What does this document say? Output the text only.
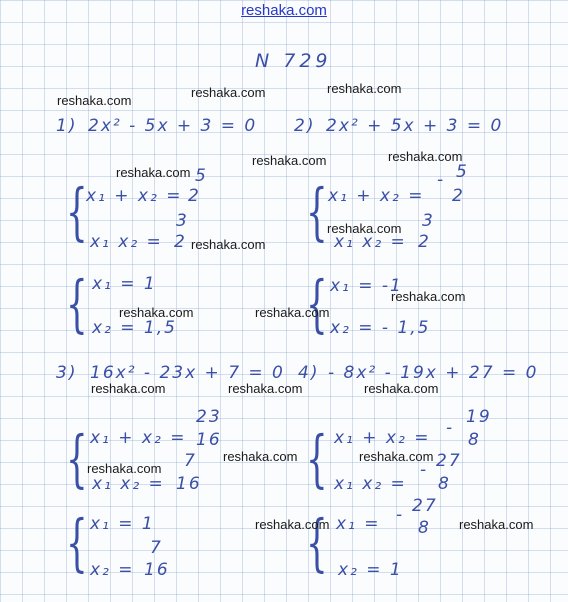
reshaka.com
N 729
1) 2x² - 5x + 3 = 0
{
x₁ + x₂ =
5
2
x₁ x₂ =
3
2
{ x₁ = 1
x₂ = 1,5
2) 2x² + 5x + 3 = 0
{ x₁ + x₂ =
- 5
2
x₁ x₂ =
3
2
{ x₁ = -1
x₂ = - 1,5
3) 16x² - 23x + 7 = 0
{ x₁ + x₂ =
23
16
x₁ x₂ =
7
16
{ x₁ = 1
x₂ =
7
16
4) - 8x² - 19x + 27 = 0
{ x₁ + x₂ = -
19
8
x₁ x₂ =
- 27
8
{ x₁ = - 27
8
x₂ = 1
reshaka.com
reshaka.com	reshaka.com
reshaka.com
reshaka.com	reshaka.com
reshaka.com
reshaka.com
reshaka.com
reshaka.com	reshaka.com
reshaka.com	reshaka.com	reshaka.com
reshaka.com	reshaka.com
reshaka.com
reshaka.com	reshaka.com
